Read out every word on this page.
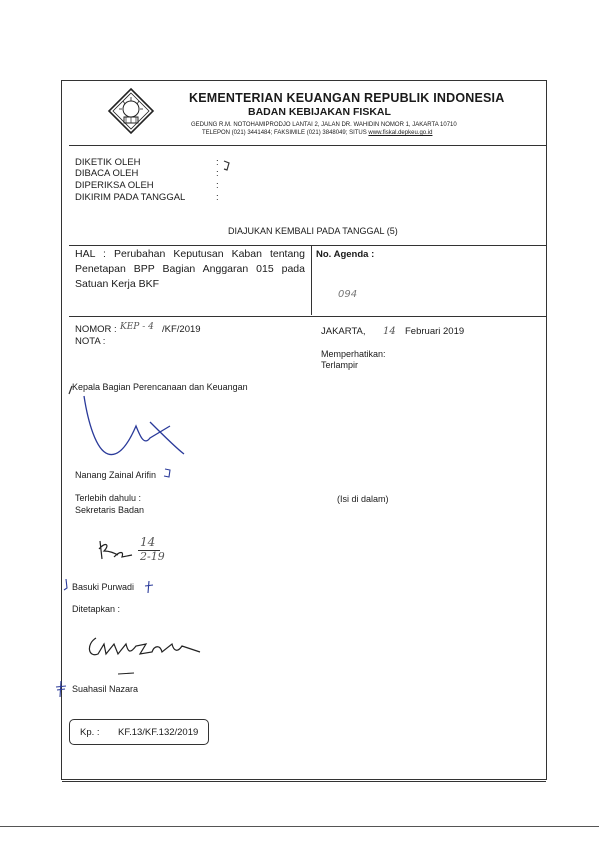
KEMENTERIAN KEUANGAN REPUBLIK INDONESIA
BADAN KEBIJAKAN FISKAL
GEDUNG R.M. NOTOHAMIPRODJO LANTAI 2, JALAN DR. WAHIDIN NOMOR 1, JAKARTA 10710
TELEPON (021) 3441484; FAKSIMILE (021) 3848049; SITUS www.fiskal.depkeu.go.id
DIKETIK OLEH
DIBACA OLEH
DIPERIKSA OLEH
DIKIRIM PADA TANGGAL
:
:
:
:
DIAJUKAN KEMBALI PADA TANGGAL (5)
HAL : Perubahan Keputusan Kaban tentang Penetapan BPP Bagian Anggaran 015 pada Satuan Kerja BKF
No. Agenda :
094
NOMOR : KEP - 4 /KF/2019
NOTA :
JAKARTA, 14 Februari 2019
Memperhatikan:
Terlampir
Kepala Bagian Perencanaan dan Keuangan
Nanang Zainal Arifin
Terlebih dahulu :
Sekretaris Badan
(Isi di dalam)
14
2-19
Basuki Purwadi
Ditetapkan :
Suahasil Nazara
Kp. : KF.13/KF.132/2019
